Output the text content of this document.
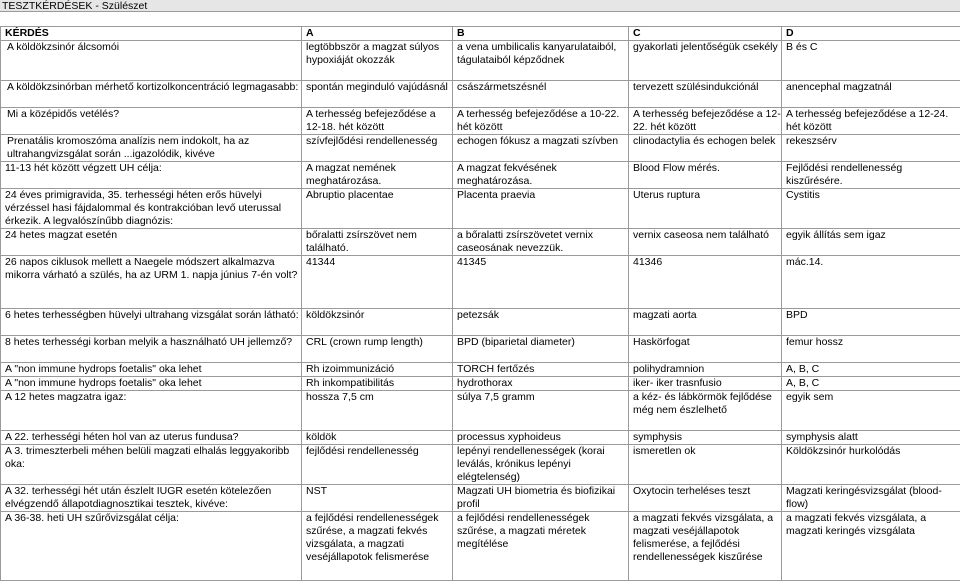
TESZTKÉRDÉSEK - Szülészet
KÉRDÉS	A	B	C	D
A köldökzsinór álcsomói	legtöbbször a magzat súlyos hypoxiáját okozzák	a vena umbilicalis kanyarulataiból, tágulataiból képződnek	gyakorlati jelentőségük csekély	B és C
A köldökzsinórban mérhető kortizolkoncentráció legmagasabb:	spontán meginduló vajúdásnál	császármetszésnél	tervezett szülésindukciónál	anencephal magzatnál
Mi a középidős vetélés?	A terhesség befejeződése a 12-18. hét között	A terhesség befejeződése a 10-22. hét között	A terhesség befejeződése a 12-22. hét között	A terhesség befejeződése a 12-24. hét között
Prenatális kromoszóma analízis nem indokolt, ha az ultrahangvizsgálat során ...igazolódik, kivéve	szívfejlődési rendellenesség	echogen fókusz a magzati szívben	clinodactylia és echogen belek	rekeszsérv
11-13 hét között végzett UH célja:	A magzat nemének meghatározása.	A magzat fekvésének meghatározása.	Blood Flow mérés.	Fejlődési rendellenesség kiszűrésére.
24 éves primigravida, 35. terhességi héten erős hüvelyi vérzéssel hasi fájdalommal és kontrakcióban levő uterussal érkezik. A legvalószínűbb diagnózis:	Abruptio placentae	Placenta praevia	Uterus ruptura	Cystitis
24 hetes magzat esetén	bőralatti zsírszövet nem található.	a bőralatti zsírszövetet vernix caseosának nevezzük.	vernix caseosa nem található	egyik állítás sem igaz
26 napos ciklusok mellett a Naegele módszert alkalmazva mikorra várható a szülés, ha az URM 1. napja június 7-én volt?	41344	41345	41346	mác.14.
6 hetes terhességben hüvelyi ultrahang vizsgálat során látható:	köldökzsinór	petezsák	magzati aorta	BPD
8 hetes terhességi korban melyik a használható UH jellemző?	CRL (crown rump length)	BPD (biparietal diameter)	Haskörfogat	femur hossz
A "non immune hydrops foetalis" oka lehet	Rh izoimmunizáció	TORCH fertőzés	polihydramnion	A, B, C
A "non immune hydrops foetalis" oka lehet	Rh inkompatibilitás	hydrothorax	iker- iker trasnfusio	A, B, C
A 12 hetes magzatra igaz:	hossza 7,5 cm	súlya 7,5 gramm	a kéz- és lábkörmök fejlődése még nem észlelhető	egyik sem
A 22. terhességi héten hol van az uterus fundusa?	köldök	processus xyphoideus	symphysis	symphysis alatt
A 3. trimeszterbeli méhen belüli magzati elhalás leggyakoribb oka:	fejlődési rendellenesség	lepényi rendellenességek (korai leválás, krónikus lepényi elégtelenség)	ismeretlen ok	Köldökzsinór hurkolódás
A 32. terhességi hét után észlelt IUGR esetén kötelezően elvégzendő állapotdiagnosztikai tesztek, kivéve:	NST	Magzati UH biometria és biofizikai profil	Oxytocin terheléses teszt	Magzati keringésvizsgálat (blood-flow)
A 36-38. heti UH szűrővizsgálat célja:	a fejlődési rendellenességek szűrése, a magzati fekvés vizsgálata, a magzati veséjállapotok felismerése	a fejlődési rendellenességek szűrése, a magzati méretek megítélése	a magzati fekvés vizsgálata, a magzati veséjállapotok felismerése, a fejlődési rendellenességek kiszűrése	a magzati fekvés vizsgálata, a magzati keringés vizsgálata
